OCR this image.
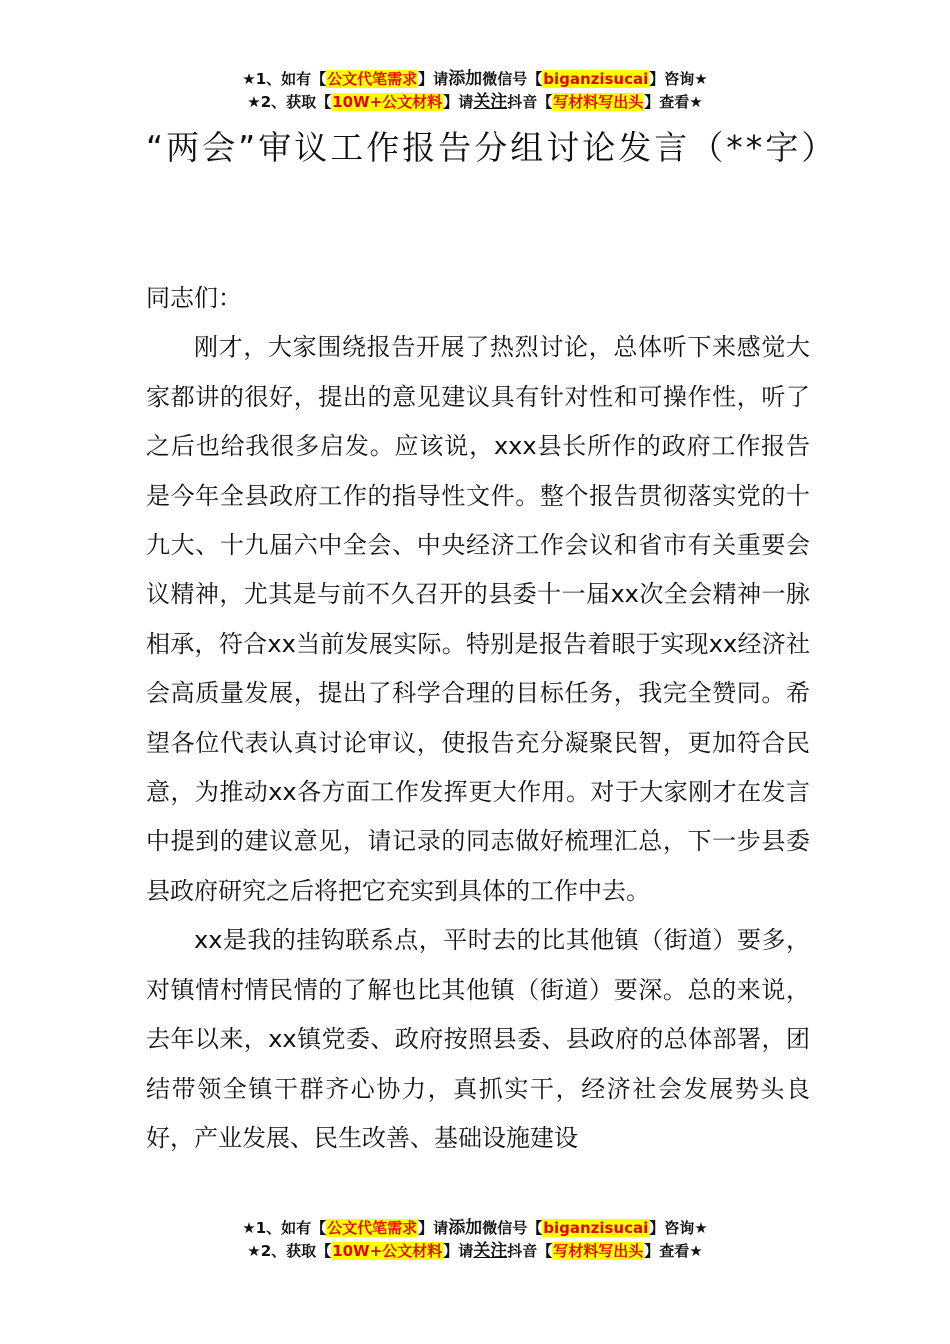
★1、如有【公文代笔需求】请添加微信号【biganzisucai】咨询★
★2、获取【10W+公文材料】请关注抖音【写材料写出头】查看★
“两会”审议工作报告分组讨论发言（**字）

同志们：

刚才，大家围绕报告开展了热烈讨论，总体听下来感觉大家都讲的很好，提出的意见建议具有针对性和可操作性，听了之后也给我很多启发。应该说，xxx县长所作的政府工作报告是今年全县政府工作的指导性文件。整个报告贯彻落实党的十九大、十九届六中全会、中央经济工作会议和省市有关重要会议精神，尤其是与前不久召开的县委十一届xx次全会精神一脉相承，符合xx当前发展实际。特别是报告着眼于实现xx经济社会高质量发展，提出了科学合理的目标任务，我完全赞同。希望各位代表认真讨论审议，使报告充分凝聚民智，更加符合民意，为推动xx各方面工作发挥更大作用。对于大家刚才在发言中提到的建议意见，请记录的同志做好梳理汇总，下一步县委县政府研究之后将把它充实到具体的工作中去。

xx是我的挂钩联系点，平时去的比其他镇（街道）要多，对镇情村情民情的了解也比其他镇（街道）要深。总的来说，去年以来，xx镇党委、政府按照县委、县政府的总体部署，团结带领全镇干群齐心协力，真抓实干，经济社会发展势头良好，产业发展、民生改善、基础设施建设

★1、如有【公文代笔需求】请添加微信号【biganzisucai】咨询★
★2、获取【10W+公文材料】请关注抖音【写材料写出头】查看★
